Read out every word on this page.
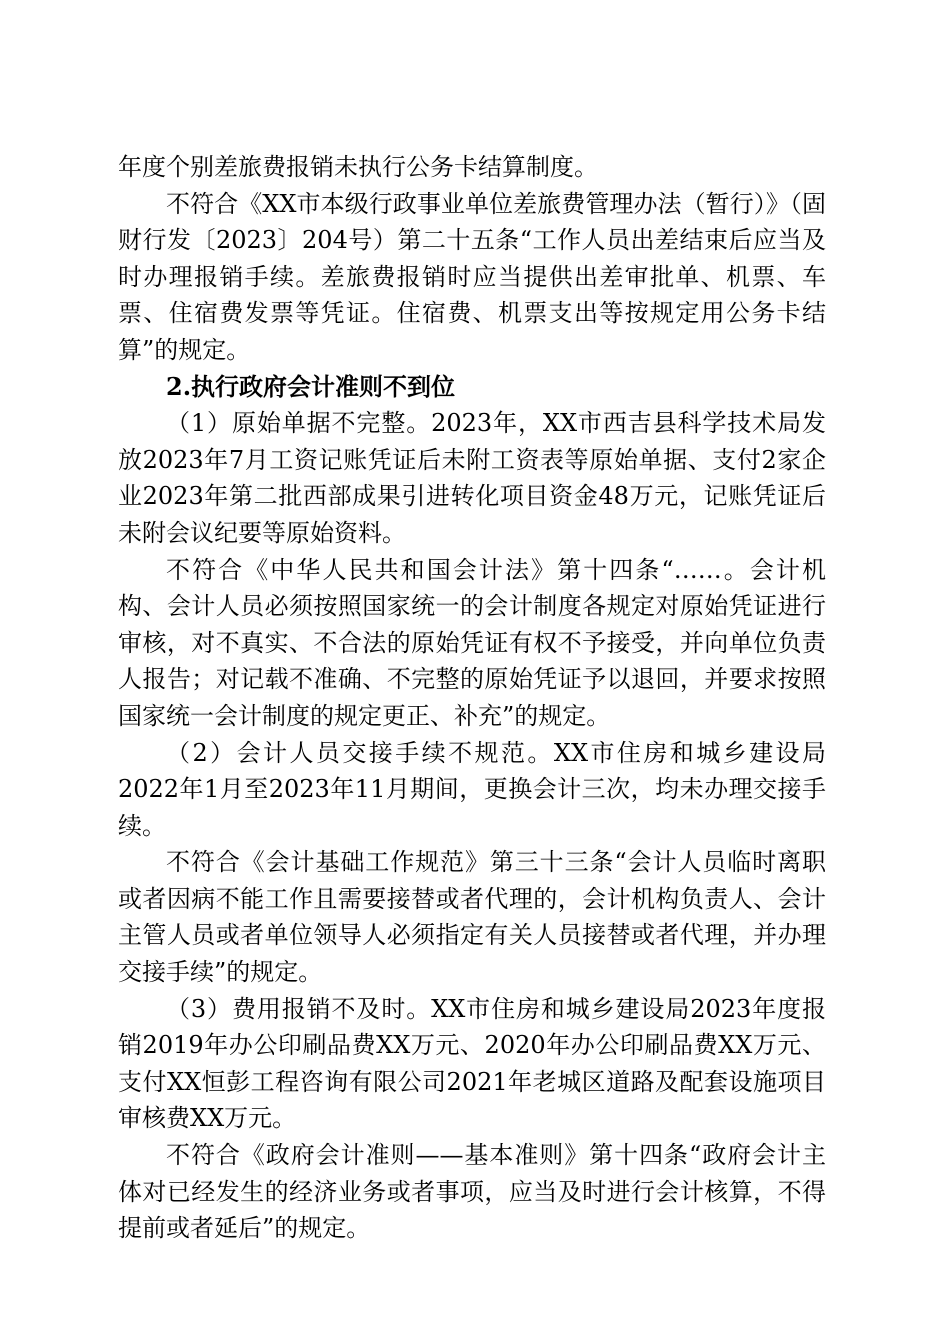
年度个别差旅费报销未执行公务卡结算制度。

不符合《XX市本级行政事业单位差旅费管理办法（暂行）》（固财行发〔2023〕204号）第二十五条“工作人员出差结束后应当及时办理报销手续。差旅费报销时应当提供出差审批单、机票、车票、住宿费发票等凭证。住宿费、机票支出等按规定用公务卡结算”的规定。

2.执行政府会计准则不到位

（1）原始单据不完整。2023年，XX市西吉县科学技术局发放2023年7月工资记账凭证后未附工资表等原始单据、支付2家企业2023年第二批西部成果引进转化项目资金48万元，记账凭证后未附会议纪要等原始资料。

不符合《中华人民共和国会计法》第十四条“……。会计机构、会计人员必须按照国家统一的会计制度各规定对原始凭证进行审核，对不真实、不合法的原始凭证有权不予接受，并向单位负责人报告；对记载不准确、不完整的原始凭证予以退回，并要求按照国家统一会计制度的规定更正、补充”的规定。

（2）会计人员交接手续不规范。XX市住房和城乡建设局2022年1月至2023年11月期间，更换会计三次，均未办理交接手续。

不符合《会计基础工作规范》第三十三条“会计人员临时离职或者因病不能工作且需要接替或者代理的，会计机构负责人、会计主管人员或者单位领导人必须指定有关人员接替或者代理，并办理交接手续”的规定。

（3）费用报销不及时。XX市住房和城乡建设局2023年度报销2019年办公印刷品费XX万元、2020年办公印刷品费XX万元、支付XX恒彭工程咨询有限公司2021年老城区道路及配套设施项目审核费XX万元。

不符合《政府会计准则——基本准则》第十四条“政府会计主体对已经发生的经济业务或者事项，应当及时进行会计核算，不得提前或者延后”的规定。
